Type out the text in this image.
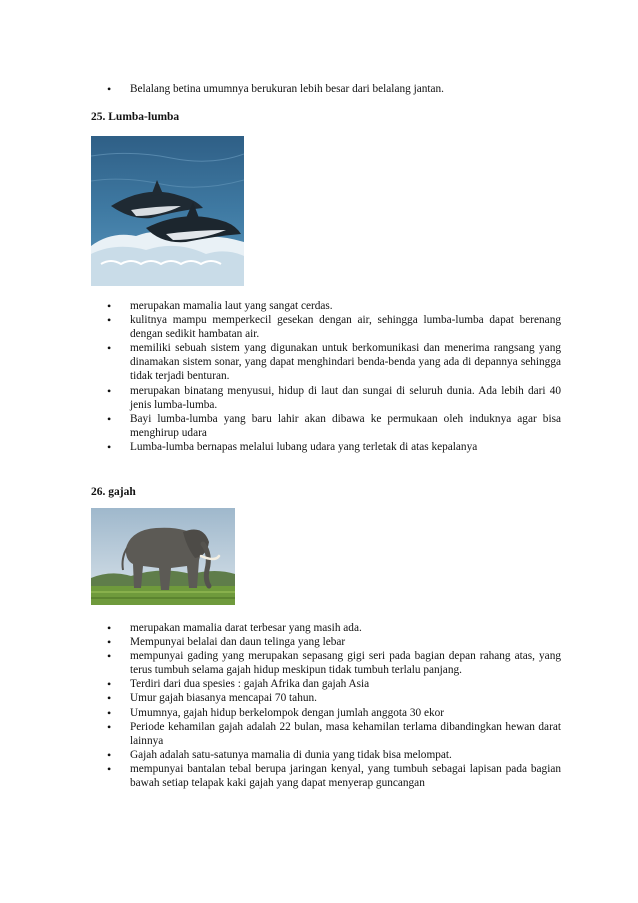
• Belalang betina umumnya berukuran lebih besar dari belalang jantan.
25. Lumba-lumba
• merupakan mamalia laut yang sangat cerdas.
• kulitnya mampu memperkecil gesekan dengan air, sehingga lumba-lumba dapat berenang dengan sedikit hambatan air.
• memiliki sebuah sistem yang digunakan untuk berkomunikasi dan menerima rangsang yang dinamakan sistem sonar, yang dapat menghindari benda-benda yang ada di depannya sehingga tidak terjadi benturan.
• merupakan binatang menyusui, hidup di laut dan sungai di seluruh dunia. Ada lebih dari 40 jenis lumba-lumba.
• Bayi lumba-lumba yang baru lahir akan dibawa ke permukaan oleh induknya agar bisa menghirup udara
• Lumba-lumba bernapas melalui lubang udara yang terletak di atas kepalanya
26. gajah
• merupakan mamalia darat terbesar yang masih ada.
• Mempunyai belalai dan daun telinga yang lebar
• mempunyai gading yang merupakan sepasang gigi seri pada bagian depan rahang atas, yang terus tumbuh selama gajah hidup meskipun tidak tumbuh terlalu panjang.
• Terdiri dari dua spesies : gajah Afrika dan gajah Asia
• Umur gajah biasanya mencapai 70 tahun.
• Umumnya, gajah hidup berkelompok dengan jumlah anggota 30 ekor
• Periode kehamilan gajah adalah 22 bulan, masa kehamilan terlama dibandingkan hewan darat lainnya
• Gajah adalah satu-satunya mamalia di dunia yang tidak bisa melompat.
• mempunyai bantalan tebal berupa jaringan kenyal, yang tumbuh sebagai lapisan pada bagian bawah setiap telapak kaki gajah yang dapat menyerap guncangan
